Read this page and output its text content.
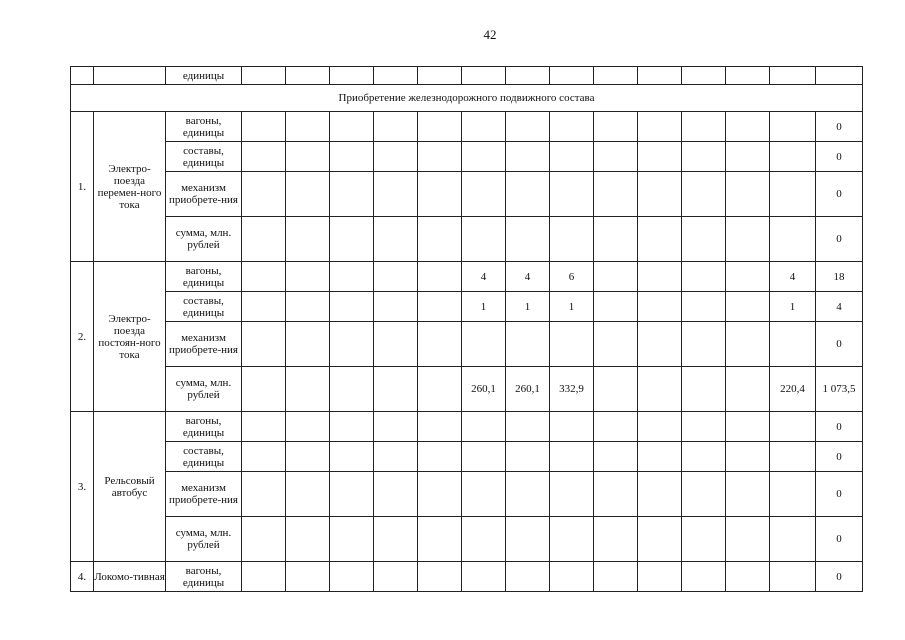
42
		единицы														
Приобретение железнодорожного подвижного состава																
1.	Электро-поезда перемен-ного тока	вагоны, единицы														0
		составы, единицы														0
		механизм приобрете-ния														0
		сумма, млн. рублей														0
2.	Электро-поезда постоян-ного тока	вагоны, единицы						4	4	6					4	18
		составы, единицы						1	1	1					1	4
		механизм приобрете-ния														0
		сумма, млн. рублей						260,1	260,1	332,9					220,4	1 073,5
3.	Рельсовый автобус	вагоны, единицы														0
		составы, единицы														0
		механизм приобрете-ния														0
		сумма, млн. рублей														0
4.	Локомо-тивная	вагоны, единицы														0
